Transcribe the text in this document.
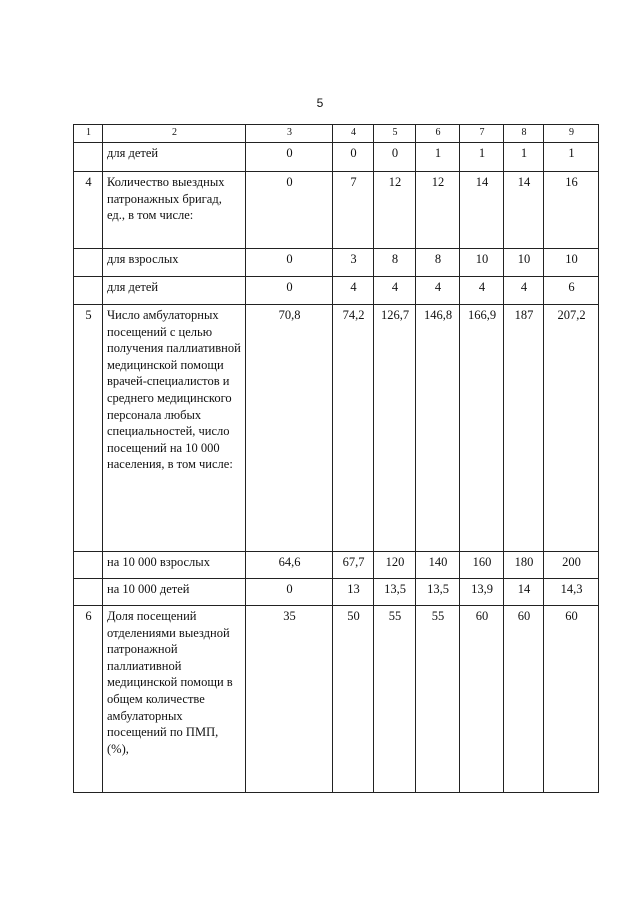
5
1	2	3	4	5	6	7	8	9
	для детей	0	0	0	1	1	1	1
4	Количество выездных патронажных бригад, ед., в том числе:	0	7	12	12	14	14	16
	для взрослых	0	3	8	8	10	10	10
	для детей	0	4	4	4	4	4	6
5	Число амбулаторных посещений с целью получения паллиативной медицинской помощи врачей-специалистов и среднего медицинского персонала любых специальностей, число посещений на 10 000 населения, в том числе:	70,8	74,2	126,7	146,8	166,9	187	207,2
	на 10 000 взрослых	64,6	67,7	120	140	160	180	200
	на 10 000 детей	0	13	13,5	13,5	13,9	14	14,3
6	Доля посещений отделениями выездной патронажной паллиативной медицинской помощи в общем количестве амбулаторных посещений по ПМП, (%),	35	50	55	55	60	60	60
